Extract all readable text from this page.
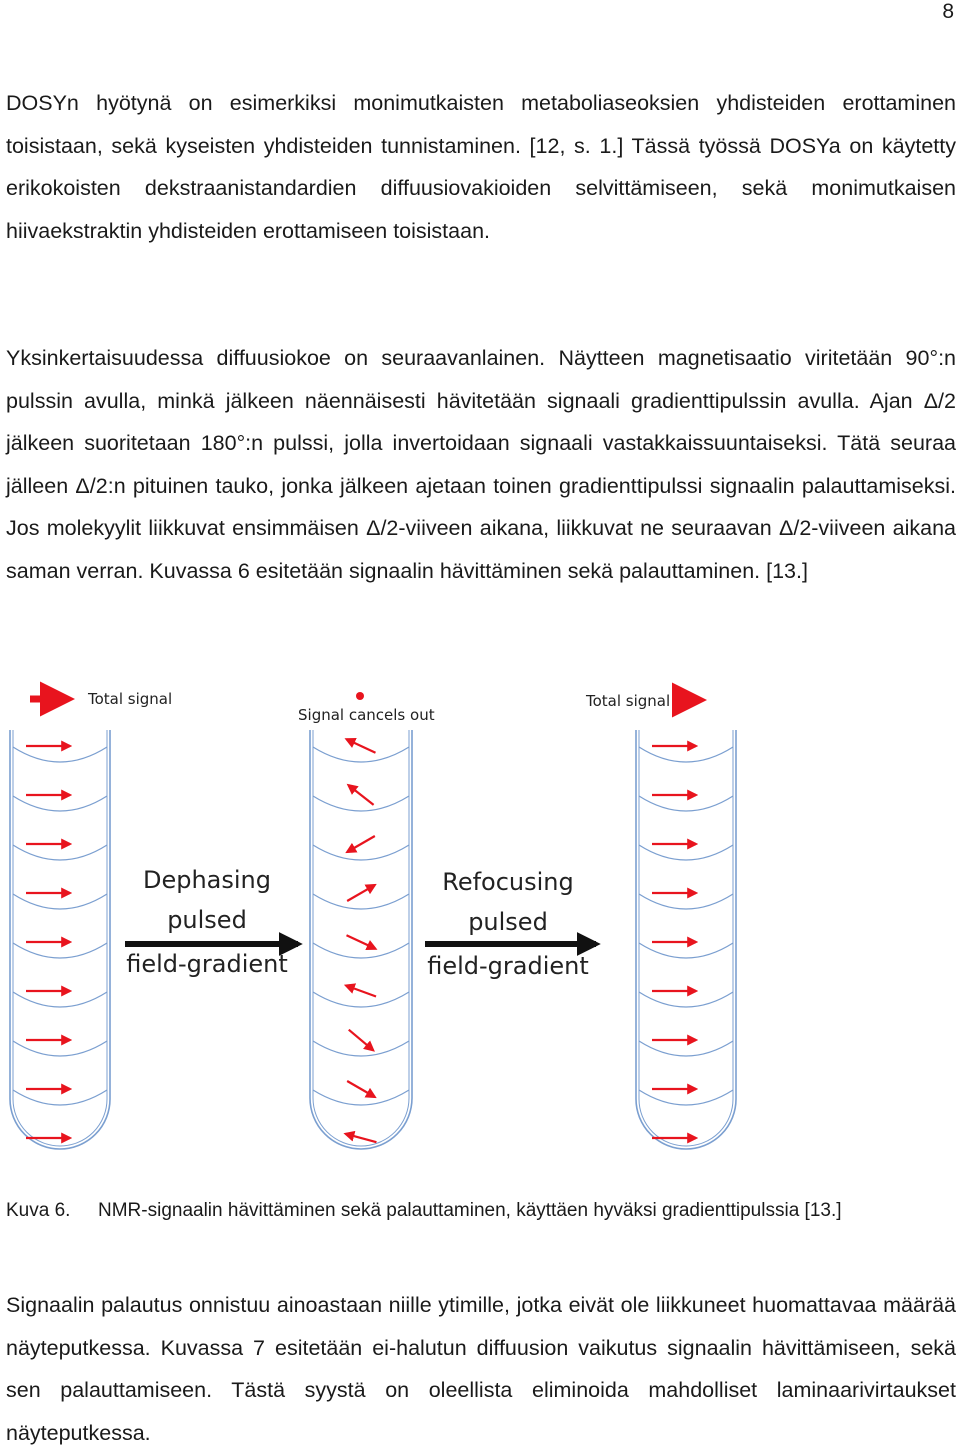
8

DOSYn hyötynä on esimerkiksi monimutkaisten metaboliaseoksien yhdisteiden erottaminen toisistaan, sekä kyseisten yhdisteiden tunnistaminen. [12, s. 1.] Tässä työssä DOSYa on käytetty erikokoisten dekstraanistandardien diffuusiovakioiden selvittämiseen, sekä monimutkaisen hiivaekstraktin yhdisteiden erottamiseen toisistaan.

Yksinkertaisuudessa diffuusiokoe on seuraavanlainen. Näytteen magnetisaatio viritetään 90°:n pulssin avulla, minkä jälkeen näennäisesti hävitetään signaali gradienttipulssin avulla. Ajan Δ/2 jälkeen suoritetaan 180°:n pulssi, jolla invertoidaan signaali vastakkaissuuntaiseksi. Tätä seuraa jälleen Δ/2:n pituinen tauko, jonka jälkeen ajetaan toinen gradienttipulssi signaalin palauttamiseksi. Jos molekyylit liikkuvat ensimmäisen Δ/2-viiveen aikana, liikkuvat ne seuraavan Δ/2-viiveen aikana saman verran. Kuvassa 6 esitetään signaalin hävittäminen sekä palauttaminen. [13.]

Total signal
Signal cancels out
Total signal
Dephasing
pulsed
field-gradient
Refocusing
pulsed
field-gradient
Kuva 6. NMR-signaalin hävittäminen sekä palauttaminen, käyttäen hyväksi gradienttipulssia [13.]

Signaalin palautus onnistuu ainoastaan niille ytimille, jotka eivät ole liikkuneet huomattavaa määrää näyteputkessa. Kuvassa 7 esitetään ei-halutun diffuusion vaikutus signaalin hävittämiseen, sekä sen palauttamiseen. Tästä syystä on oleellista eliminoida mahdolliset laminaarivirtaukset näyteputkessa.
